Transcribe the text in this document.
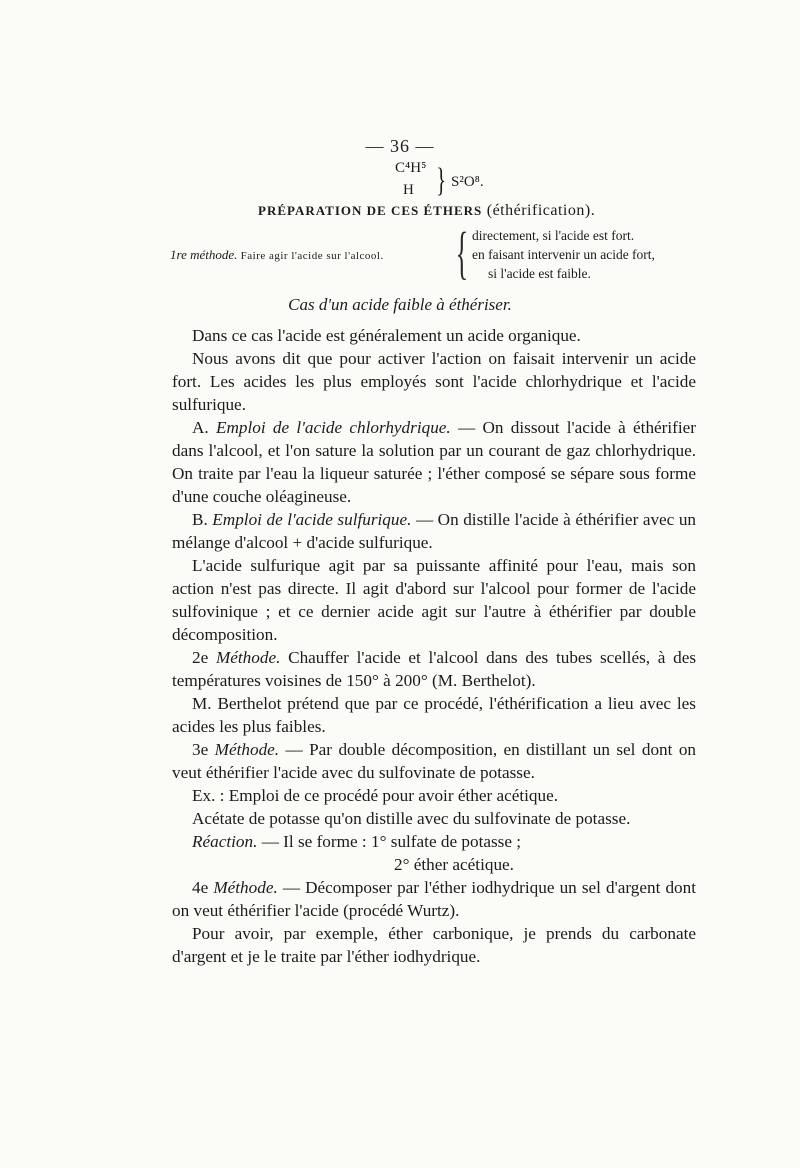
— 36 —
C⁴H⁵
H } S²O⁸.
PRÉPARATION DE CES ÉTHERS (éthérification).
1re méthode. Faire agir l'acide sur l'alcool. { directement, si l'acide est fort.
en faisant intervenir un acide fort,
si l'acide est faible.
Cas d'un acide faible à éthériser.

Dans ce cas l'acide est généralement un acide organique.

Nous avons dit que pour activer l'action on faisait intervenir un acide fort. Les acides les plus employés sont l'acide chlorhydrique et l'acide sulfurique.

A. Emploi de l'acide chlorhydrique. — On dissout l'acide à éthérifier dans l'alcool, et l'on sature la solution par un courant de gaz chlorhydrique. On traite par l'eau la liqueur saturée ; l'éther composé se sépare sous forme d'une couche oléagineuse.

B. Emploi de l'acide sulfurique. — On distille l'acide à éthérifier avec un mélange d'alcool + d'acide sulfurique.

L'acide sulfurique agit par sa puissante affinité pour l'eau, mais son action n'est pas directe. Il agit d'abord sur l'alcool pour former de l'acide sulfovinique ; et ce dernier acide agit sur l'autre à éthérifier par double décomposition.

2e Méthode. Chauffer l'acide et l'alcool dans des tubes scellés, à des températures voisines de 150° à 200° (M. Berthelot).

M. Berthelot prétend que par ce procédé, l'éthérification a lieu avec les acides les plus faibles.

3e Méthode. — Par double décomposition, en distillant un sel dont on veut éthérifier l'acide avec du sulfovinate de potasse.

Ex. : Emploi de ce procédé pour avoir éther acétique.

Acétate de potasse qu'on distille avec du sulfovinate de potasse.

Réaction. — Il se forme : 1° sulfate de potasse ;

2° éther acétique.

4e Méthode. — Décomposer par l'éther iodhydrique un sel d'argent dont on veut éthérifier l'acide (procédé Wurtz).

Pour avoir, par exemple, éther carbonique, je prends du carbonate d'argent et je le traite par l'éther iodhydrique.
